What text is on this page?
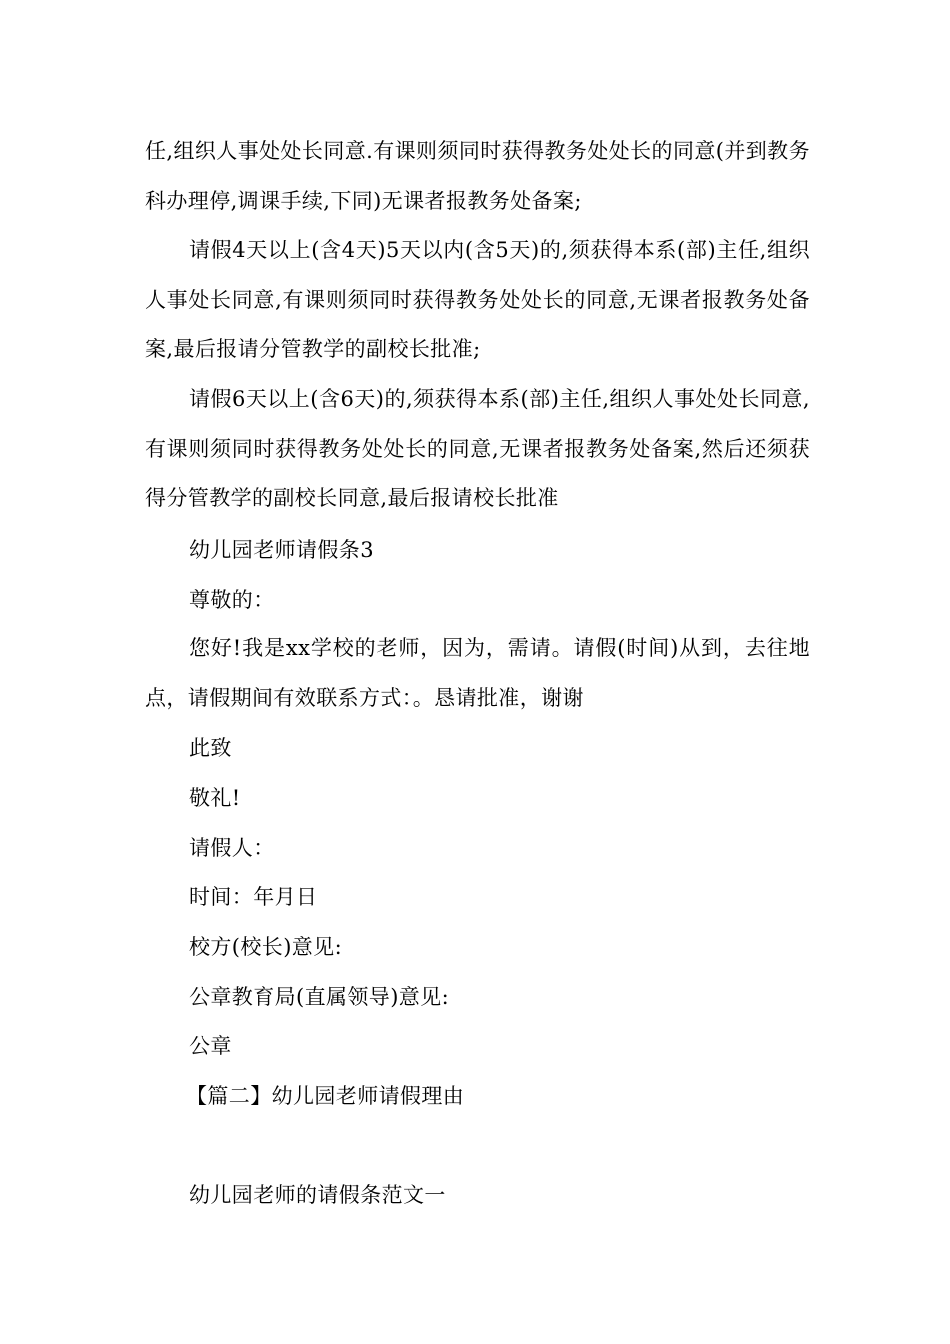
任,组织人事处处长同意.有课则须同时获得教务处处长的同意(并到教务科办理停,调课手续,下同)无课者报教务处备案;

请假4天以上(含4天)5天以内(含5天)的,须获得本系(部)主任,组织人事处长同意,有课则须同时获得教务处处长的同意,无课者报教务处备案,最后报请分管教学的副校长批准;

请假6天以上(含6天)的,须获得本系(部)主任,组织人事处处长同意,有课则须同时获得教务处处长的同意,无课者报教务处备案,然后还须获得分管教学的副校长同意,最后报请校长批准

幼儿园老师请假条3

尊敬的：

您好!我是xx学校的老师，因为，需请。请假(时间)从到，去往地点，请假期间有效联系方式：。恳请批准，谢谢

此致

敬礼!

请假人：

时间：年月日

校方(校长)意见:

公章教育局(直属领导)意见:

公章

【篇二】幼儿园老师请假理由

幼儿园老师的请假条范文一
